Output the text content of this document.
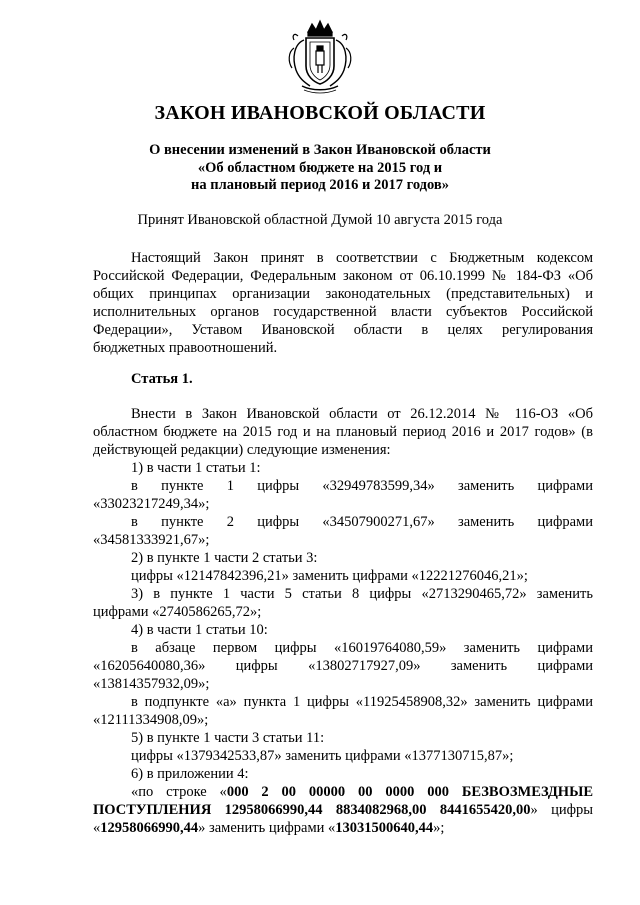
ЗАКОН ИВАНОВСКОЙ ОБЛАСТИ
О внесении изменений в Закон Ивановской области
«Об областном бюджете на 2015 год и
на плановый период 2016 и 2017 годов»
Принят Ивановской областной Думой 10 августа 2015 года
Настоящий Закон принят в соответствии с Бюджетным кодексом
Российской Федерации, Федеральным законом от 06.10.1999 № 184-ФЗ «Об
общих принципах организации законодательных (представительных) и
исполнительных органов государственной власти субъектов Российской
Федерации», Уставом Ивановской области в целях регулирования
бюджетных правоотношений.
Статья 1.
Внести в Закон Ивановской области от 26.12.2014 № 116-ОЗ «Об
областном бюджете на 2015 год и на плановый период 2016 и 2017 годов» (в
действующей редакции) следующие изменения:
1) в части 1 статьи 1:
в пункте 1 цифры «32949783599,34» заменить цифрами
«33023217249,34»;
в пункте 2 цифры «34507900271,67» заменить цифрами
«34581333921,67»;
2) в пункте 1 части 2 статьи 3:
цифры «12147842396,21» заменить цифрами «12221276046,21»;
3) в пункте 1 части 5 статьи 8 цифры «2713290465,72» заменить
цифрами «2740586265,72»;
4) в части 1 статьи 10:
в абзаце первом цифры «16019764080,59» заменить цифрами
«16205640080,36» цифры «13802717927,09» заменить цифрами
«13814357932,09»;
в подпункте «а» пункта 1 цифры «11925458908,32» заменить цифрами
«12111334908,09»;
5) в пункте 1 части 3 статьи 11:
цифры «1379342533,87» заменить цифрами «1377130715,87»;
6) в приложении 4:
«по строке «000 2 00 00000 00 0000 000 БЕЗВОЗМЕЗДНЫЕ
ПОСТУПЛЕНИЯ 12958066990,44 8834082968,00 8441655420,00» цифры
«12958066990,44» заменить цифрами «13031500640,44»;
